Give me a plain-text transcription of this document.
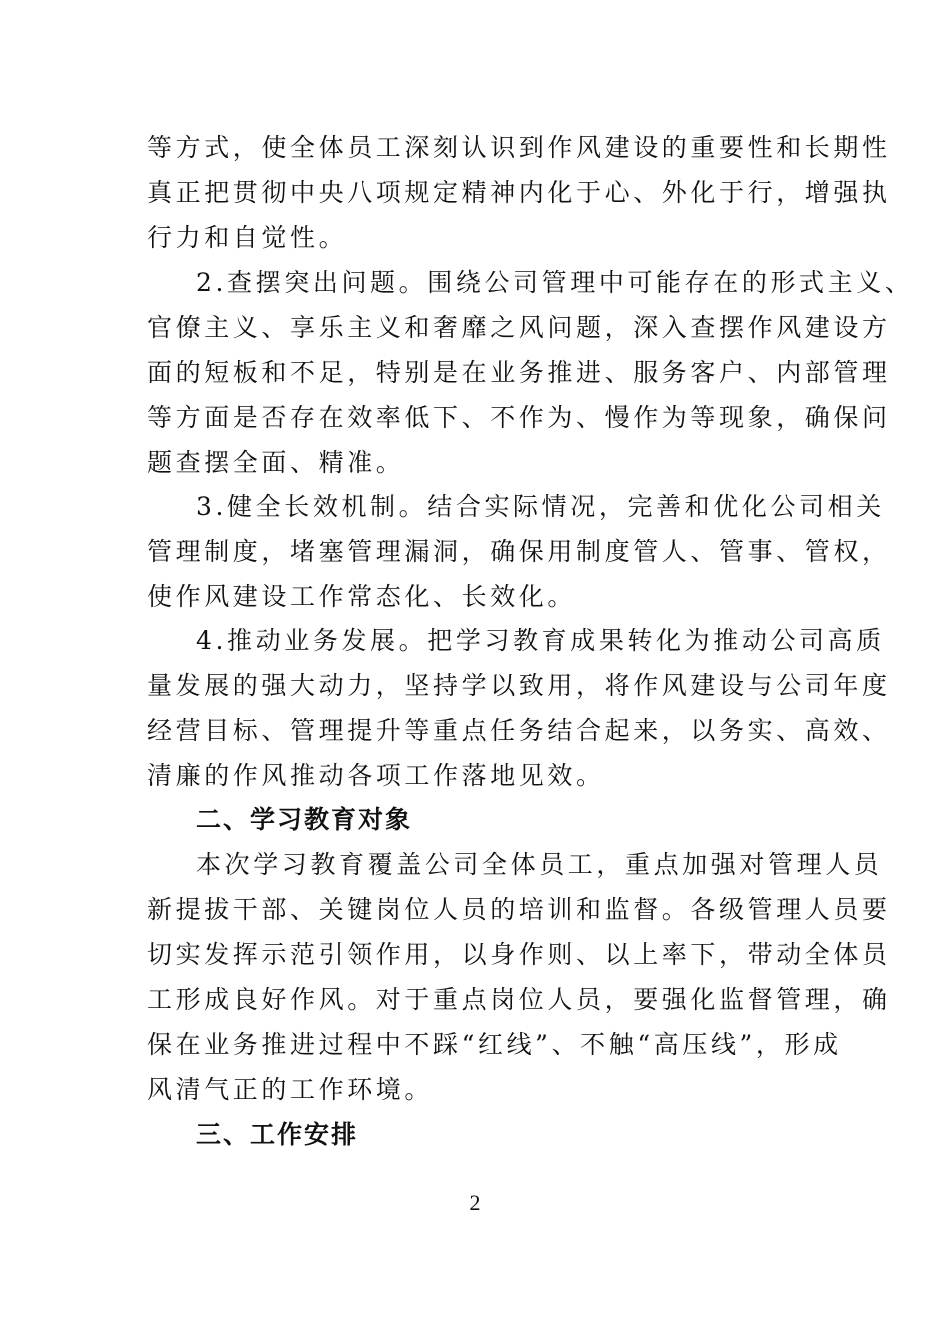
等方式，使全体员工深刻认识到作风建设的重要性和长期性
真正把贯彻中央八项规定精神内化于心、外化于行，增强执
行力和自觉性。
2.查摆突出问题。围绕公司管理中可能存在的形式主义、
官僚主义、享乐主义和奢靡之风问题，深入查摆作风建设方
面的短板和不足，特别是在业务推进、服务客户、内部管理
等方面是否存在效率低下、不作为、慢作为等现象，确保问
题查摆全面、精准。
3.健全长效机制。结合实际情况，完善和优化公司相关
管理制度，堵塞管理漏洞，确保用制度管人、管事、管权，
使作风建设工作常态化、长效化。
4.推动业务发展。把学习教育成果转化为推动公司高质
量发展的强大动力，坚持学以致用，将作风建设与公司年度
经营目标、管理提升等重点任务结合起来，以务实、高效、
清廉的作风推动各项工作落地见效。
二、学习教育对象
本次学习教育覆盖公司全体员工，重点加强对管理人员
新提拔干部、关键岗位人员的培训和监督。各级管理人员要
切实发挥示范引领作用，以身作则、以上率下，带动全体员
工形成良好作风。对于重点岗位人员，要强化监督管理，确
保在业务推进过程中不踩“红线”、不触“高压线”，形成
风清气正的工作环境。
三、工作安排
2
